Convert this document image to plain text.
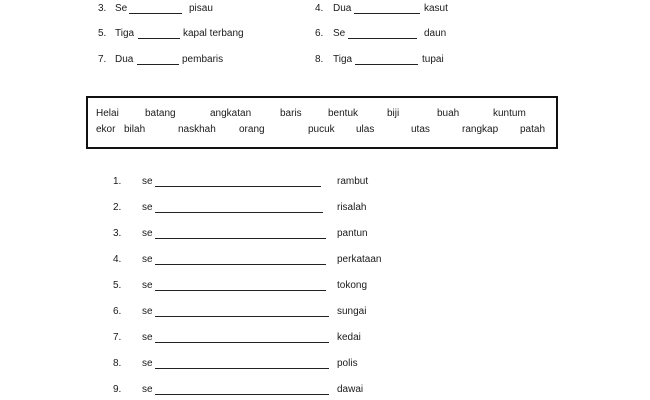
3. Se	pisau	4. Dua	kasut
5. Tiga	kapal terbang	6. Se	daun
7. Dua	pembaris	8. Tiga	tupai
Helai	batang	angkatan	baris	bentuk	biji	buah	kuntum
ekor bilah	naskhah orang	pucuk ulas	utas	rangkap patah
1.	se	rambut
2.	se	risalah
3.	se	pantun
4.	se	perkataan
5.	se	tokong
6.	se	sungai
7.	se	kedai
8.	se	polis
9.	se	dawai
